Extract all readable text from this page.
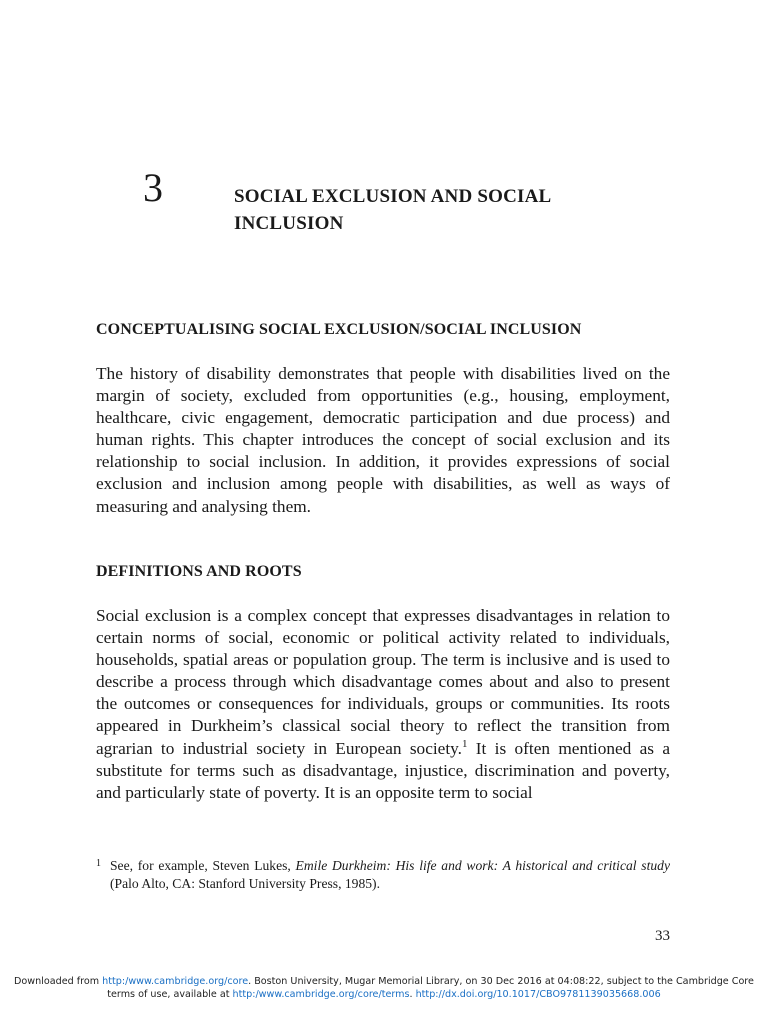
3	SOCIAL EXCLUSION AND SOCIAL
INCLUSION
CONCEPTUALISING SOCIAL EXCLUSION/SOCIAL INCLUSION

The history of disability demonstrates that people with disabilities lived on the margin of society, excluded from opportunities (e.g., housing, employment, healthcare, civic engagement, democratic participation and due process) and human rights. This chapter introduces the concept of social exclusion and its relationship to social inclusion. In addition, it provides expressions of social exclusion and inclusion among people with disabilities, as well as ways of measuring and analysing them.

DEFINITIONS AND ROOTS

Social exclusion is a complex concept that expresses disadvantages in relation to certain norms of social, economic or political activity related to individuals, households, spatial areas or population group. The term is inclusive and is used to describe a process through which disadvantage comes about and also to present the outcomes or consequences for individuals, groups or communities. Its roots appeared in Durkheim’s classical social theory to reflect the transition from agrarian to industrial society in European society.$^1$ It is often mentioned as a substitute for terms such as disadvantage, injustice, discrimination and poverty, and particularly state of poverty. It is an opposite term to social

1 See, for example, Steven Lukes, Emile Durkheim: His life and work: A historical and critical study (Palo Alto, CA: Stanford University Press, 1985).
33
Downloaded from http:/www.cambridge.org/core. Boston University, Mugar Memorial Library, on 30 Dec 2016 at 04:08:22, subject to the Cambridge Core terms of use, available at http:/www.cambridge.org/core/terms. http://dx.doi.org/10.1017/CBO9781139035668.006
